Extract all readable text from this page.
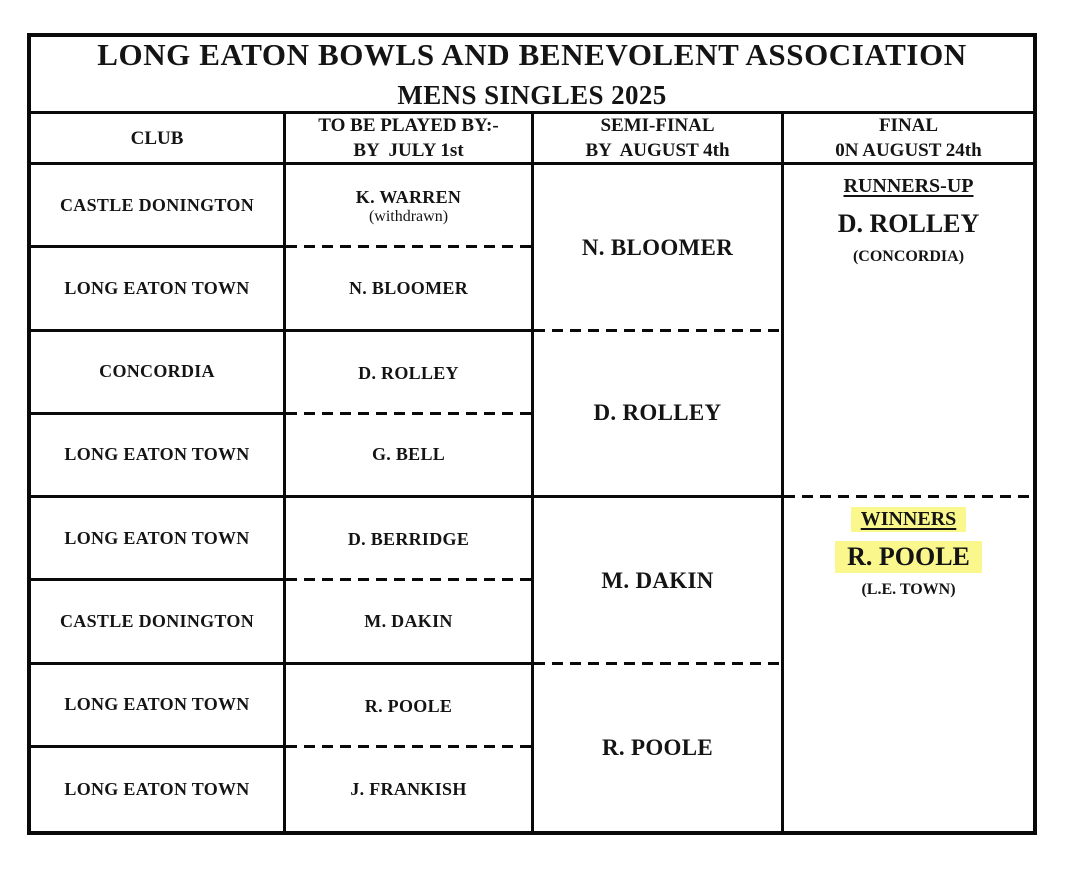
LONG EATON BOWLS AND BENEVOLENT ASSOCIATION
MENS SINGLES 2025
CLUB
TO BE PLAYED BY:-
BY  JULY 1st
SEMI-FINAL
BY  AUGUST 4th
FINAL
0N AUGUST 24th
CASTLE DONINGTON
LONG EATON TOWN
CONCORDIA
LONG EATON TOWN
LONG EATON TOWN
CASTLE DONINGTON
LONG EATON TOWN
LONG EATON TOWN
K. WARREN
(withdrawn)
N. BLOOMER
D. ROLLEY
G. BELL
D. BERRIDGE
M. DAKIN
R. POOLE
J. FRANKISH
N. BLOOMER
D. ROLLEY
M. DAKIN
R. POOLE
RUNNERS-UP
D. ROLLEY
(CONCORDIA)
WINNERS
R. POOLE
(L.E. TOWN)
